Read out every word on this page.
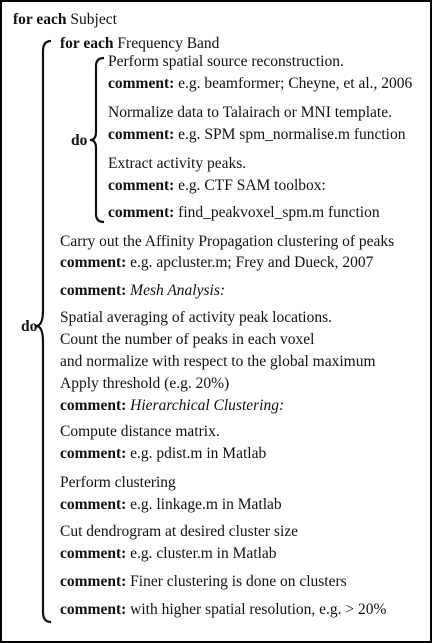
for each Subject
do
for each Frequency Band
do
Perform spatial source reconstruction.
comment: e.g. beamformer; Cheyne, et al., 2006
Normalize data to Talairach or MNI template.
comment: e.g. SPM spm_normalise.m function
Extract activity peaks.
comment: e.g. CTF SAM toolbox:
comment: find_peakvoxel_spm.m function
Carry out the Affinity Propagation clustering of peaks
comment: e.g. apcluster.m; Frey and Dueck, 2007
comment: Mesh Analysis:
Spatial averaging of activity peak locations.
Count the number of peaks in each voxel
and normalize with respect to the global maximum
Apply threshold (e.g. 20%)
comment: Hierarchical Clustering:
Compute distance matrix.
comment: e.g. pdist.m in Matlab
Perform clustering
comment: e.g. linkage.m in Matlab
Cut dendrogram at desired cluster size
comment: e.g. cluster.m in Matlab
comment: Finer clustering is done on clusters
comment: with higher spatial resolution, e.g. > 20%
